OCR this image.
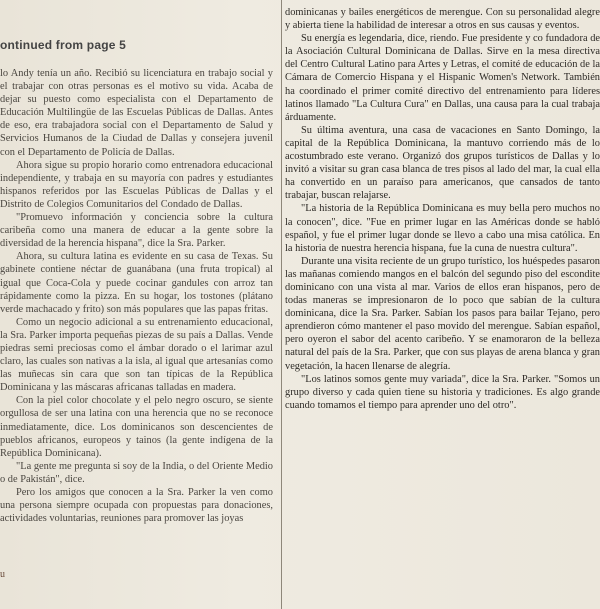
ontinued from page 5

lo Andy tenía un año. Recibió su licenciatura en trabajo social y el trabajar con otras personas es el motivo su vida. Acaba de dejar su puesto como especialista con el Departamento de Educación Multilingüe de las Escuelas Públicas de Dallas. Antes de eso, era trabajadora social con el Departamento de Salud y Servicios Humanos de la Ciudad de Dallas y consejera juvenil con el Departamento de Policía de Dallas.

Ahora sigue su propio horario como entrenadora educacional independiente, y trabaja en su mayoría con padres y estudiantes hispanos referidos por las Escuelas Públicas de Dallas y el Distrito de Colegios Comunitarios del Condado de Dallas.

"Promuevo información y conciencia sobre la cultura caribeña como una manera de educar a la gente sobre la diversidad de la herencia hispana", dice la Sra. Parker.

Ahora, su cultura latina es evidente en su casa de Texas. Su gabinete contiene néctar de guanábana (una fruta tropical) al igual que Coca-Cola y puede cocinar gandules con arroz tan rápidamente como la pizza. En su hogar, los tostones (plátano verde machacado y frito) son más populares que las papas fritas.

Como un negocio adicional a su entrenamiento educacional, la Sra. Parker importa pequeñas piezas de su país a Dallas. Vende piedras semi preciosas como el ámbar dorado o el larimar azul claro, las cuales son nativas a la isla, al igual que artesanías como las muñecas sin cara que son tan típicas de la República Dominicana y las máscaras africanas talladas en madera.

Con la piel color chocolate y el pelo negro oscuro, se siente orgullosa de ser una latina con una herencia que no se reconoce inmediatamente, dice. Los dominicanos son descencientes de pueblos africanos, europeos y tainos (la gente indígena de la República Dominicana).

"La gente me pregunta si soy de la India, o del Oriente Medio o de Pakistán", dice.

Pero los amigos que conocen a la Sra. Parker la ven como una persona siempre ocupada con propuestas para donaciones, actividades voluntarias, reuniones para promover las joyas

dominicanas y bailes energéticos de merengue. Con su personalidad alegre y abierta tiene la habilidad de interesar a otros en sus causas y eventos.

Su energía es legendaria, dice, riendo. Fue presidente y co fundadora de la Asociación Cultural Dominicana de Dallas. Sirve en la mesa directiva del Centro Cultural Latino para Artes y Letras, el comité de educación de la Cámara de Comercio Hispana y el Hispanic Women's Network. También ha coordinado el primer comité directivo del entrenamiento para líderes latinos llamado "La Cultura Cura" en Dallas, una causa para la cual trabaja árduamente.

Su última aventura, una casa de vacaciones en Santo Domingo, la capital de la República Dominicana, la mantuvo corriendo más de lo acostumbrado este verano. Organizó dos grupos turísticos de Dallas y lo invitó a visitar su gran casa blanca de tres pisos al lado del mar, la cual ella ha convertido en un paraíso para americanos, que cansados de tanto trabajar, buscan relajarse.

"La historia de la República Dominicana es muy bella pero muchos no la conocen", dice. "Fue en primer lugar en las Américas donde se habló español, y fue el primer lugar donde se llevo a cabo una misa católica. En la historia de nuestra herencia hispana, fue la cuna de nuestra cultura".

Durante una visita reciente de un grupo turístico, los huéspedes pasaron las mañanas comiendo mangos en el balcón del segundo piso del escondite dominicano con una vista al mar. Varios de ellos eran hispanos, pero de todas maneras se impresionaron de lo poco que sabían de la cultura dominicana, dice la Sra. Parker. Sabían los pasos para bailar Tejano, pero aprendieron cómo mantener el paso movido del merengue. Sabían español, pero oyeron el sabor del acento caribeño. Y se enamoraron de la belleza natural del país de la Sra. Parker, que con sus playas de arena blanca y gran vegetación, la hacen llenarse de alegría.

"Los latinos somos gente muy variada", dice la Sra. Parker. "Somos un grupo diverso y cada quien tiene su historia y tradiciones. Es algo grande cuando tomamos el tiempo para aprender uno del otro".

u
